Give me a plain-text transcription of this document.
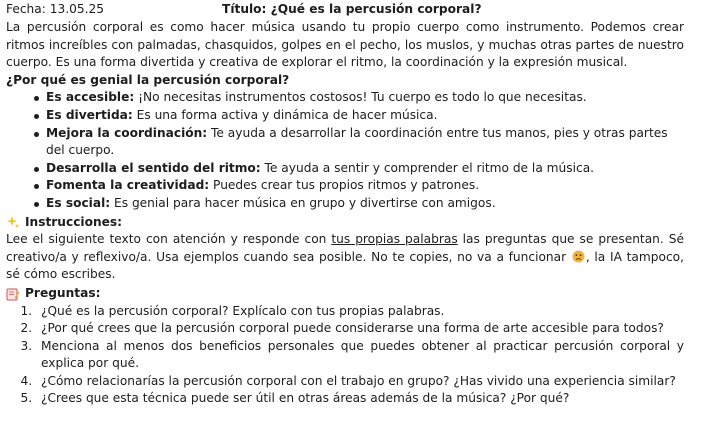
Fecha: 13.05.25	Título: ¿Qué es la percusión corporal?

La percusión corporal es como hacer música usando tu propio cuerpo como instrumento. Podemos crear ritmos increíbles con palmadas, chasquidos, golpes en el pecho, los muslos, y muchas otras partes de nuestro cuerpo. Es una forma divertida y creativa de explorar el ritmo, la coordinación y la expresión musical.

¿Por qué es genial la percusión corporal?
Es accesible: ¡No necesitas instrumentos costosos! Tu cuerpo es todo lo que necesitas.
Es divertida: Es una forma activa y dinámica de hacer música.
Mejora la coordinación: Te ayuda a desarrollar la coordinación entre tus manos, pies y otras partes del cuerpo.
Desarrolla el sentido del ritmo: Te ayuda a sentir y comprender el ritmo de la música.
Fomenta la creatividad: Puedes crear tus propios ritmos y patrones.
Es social: Es genial para hacer música en grupo y divertirse con amigos.
Instrucciones:

Lee el siguiente texto con atención y responde con tus propias palabras las preguntas que se presentan. Sé creativo/a y reflexivo/a. Usa ejemplos cuando sea posible. No te copies, no va a funcionar , la IA tampoco, sé cómo escribes.

Preguntas:
1. ¿Qué es la percusión corporal? Explícalo con tus propias palabras.
2. ¿Por qué crees que la percusión corporal puede considerarse una forma de arte accesible para todos?
3. Menciona al menos dos beneficios personales que puedes obtener al practicar percusión corporal y explica por qué.
4. ¿Cómo relacionarías la percusión corporal con el trabajo en grupo? ¿Has vivido una experiencia similar?
5. ¿Crees que esta técnica puede ser útil en otras áreas además de la música? ¿Por qué?
